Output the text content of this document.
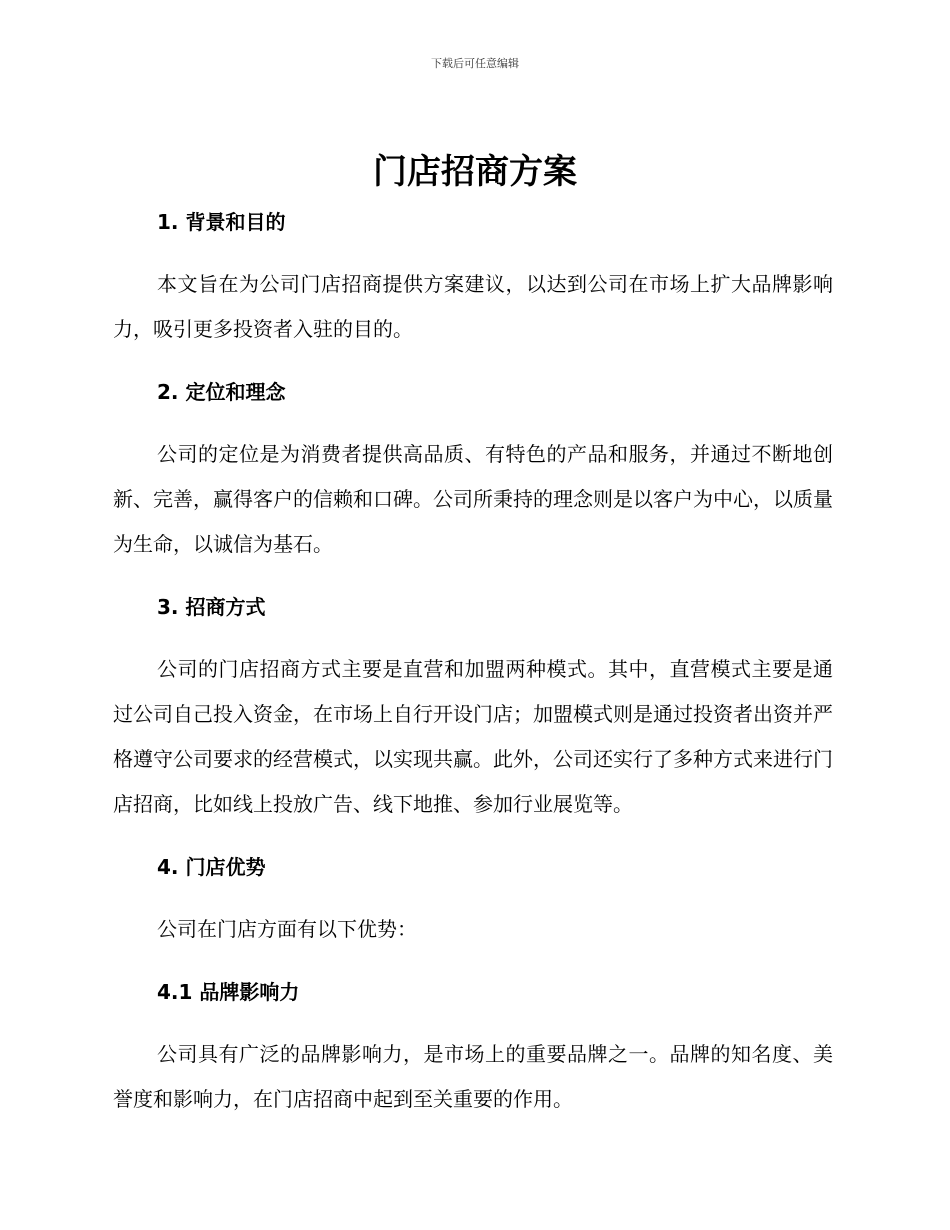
下载后可任意编辑
门店招商方案
1. 背景和目的

本文旨在为公司门店招商提供方案建议，以达到公司在市场上扩大品牌影响力，吸引更多投资者入驻的目的。

2. 定位和理念

公司的定位是为消费者提供高品质、有特色的产品和服务，并通过不断地创新、完善，赢得客户的信赖和口碑。公司所秉持的理念则是以客户为中心，以质量为生命，以诚信为基石。

3. 招商方式

公司的门店招商方式主要是直营和加盟两种模式。其中，直营模式主要是通过公司自己投入资金，在市场上自行开设门店；加盟模式则是通过投资者出资并严格遵守公司要求的经营模式，以实现共赢。此外，公司还实行了多种方式来进行门店招商，比如线上投放广告、线下地推、参加行业展览等。

4. 门店优势

公司在门店方面有以下优势：

4.1 品牌影响力

公司具有广泛的品牌影响力，是市场上的重要品牌之一。品牌的知名度、美誉度和影响力，在门店招商中起到至关重要的作用。
